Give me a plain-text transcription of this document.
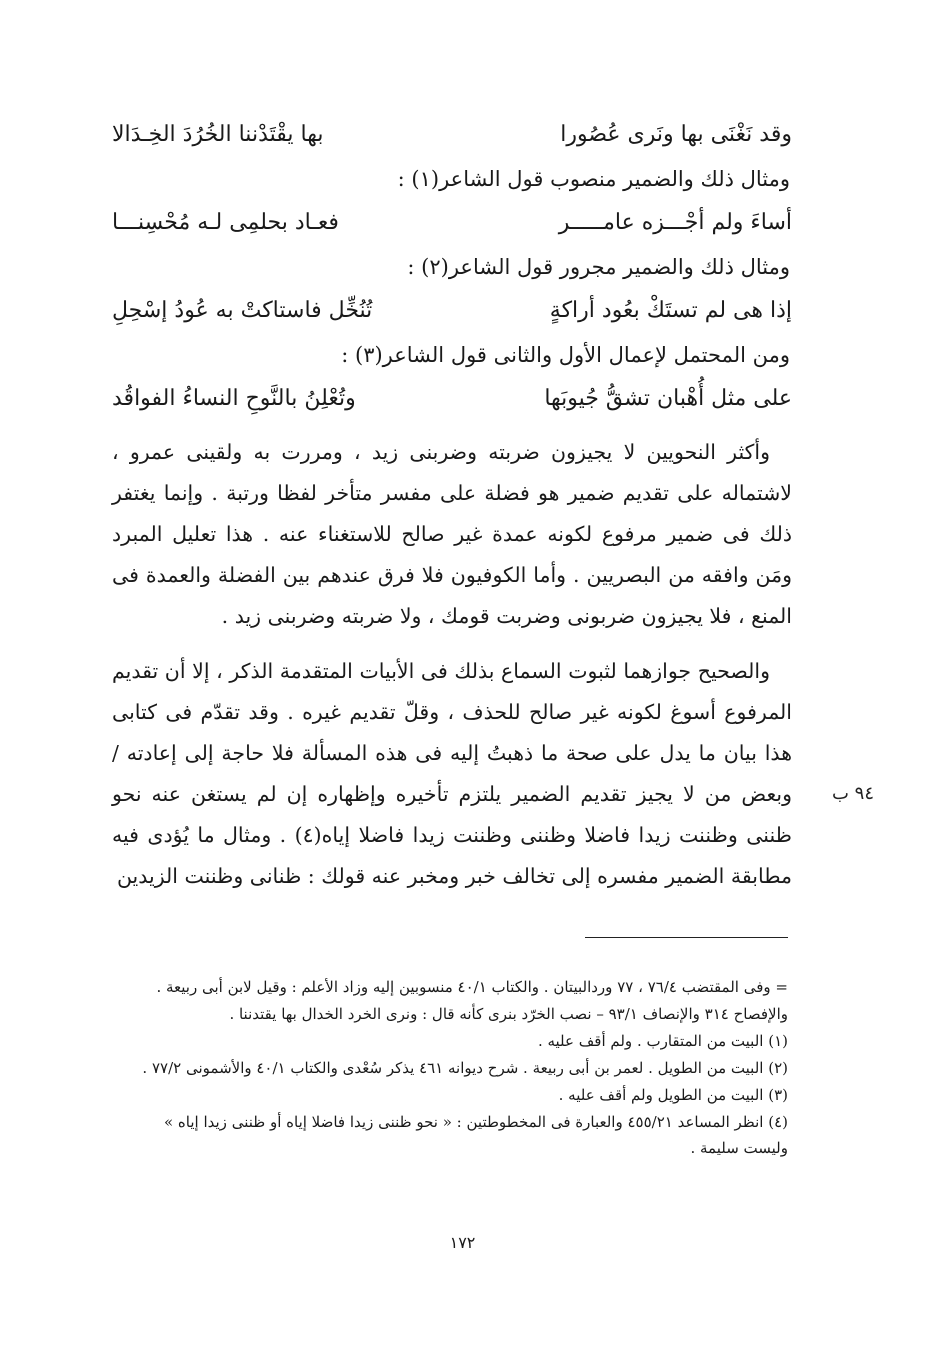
وقد نَغْنَى بها ونَرى عُصُورا
بها يقْتَدْننا الخُرُدَ الخِـدَالا
ومثال ذلك والضمير منصوب قول الشاعر(١) :
أساءَ ولم أجْـــزه عامـــــر
فعـاد بحلمِى لـه مُحْسِنـــا
ومثال ذلك والضمير مجرور قول الشاعر(٢) :
إذا هى لم تستَكْ بعُود أراكةٍ
تُنُخِّل فاستاكتْ به عُودُ إسْحِلِ
ومن المحتمل لإعمال الأول والثانى قول الشاعر(٣) :
على مثل أُهْبان تشقُّ جُيوبَها
وتُعْلِنُ بالنَّوحِ النساءُ الفواقُد

وأكثر النحويين لا يجيزون ضربته وضربنى زيد ، ومررت به ولقينى عمرو ، لاشتماله على تقديم ضمير هو فضلة على مفسر متأخر لفظا ورتبة . وإنما يغتفر ذلك فى ضمير مرفوع لكونه عمدة غير صالح للاستغناء عنه . هذا تعليل المبرد ومَن وافقه من البصريين . وأما الكوفيون فلا فرق عندهم بين الفضلة والعمدة فى المنع ، فلا يجيزون ضربونى وضربت قومك ، ولا ضربته وضربنى زيد .

والصحيح جوازهما لثبوت السماع بذلك فى الأبيات المتقدمة الذكر ، إلا أن تقديم المرفوع أسوغ لكونه غير صالح للحذف ، وقلّ تقديم غيره . وقد تقدّم فى كتابى هذا بيان ما يدل على صحة ما ذهبتُ إليه فى هذه المسألة فلا حاجة إلى إعادته / وبعض من لا يجيز تقديم الضمير يلتزم تأخيره وإظهاره إن لم يستغن عنه نحو ظننى وظننت زيدا فاضلا وظننى وظننت زيدا فاضلا إياه(٤) . ومثال ما يُؤدى فيه مطابقة الضمير مفسره إلى تخالف خبر ومخبر عنه قولك : ظنانى وظننت الزيدين

٩٤ ب
= وفى المقتضب ٧٦/٤ ، ٧٧ وردالبيتان . والكتاب ٤٠/١ منسوبين إليه وزاد الأعلم : وقيل لابن أبى ربيعة .
والإفصاح ٣١٤ والإنصاف ٩٣/١ – نصب الخرّد بنرى كأنه قال : ونرى الخرد الخدال بها يقتدننا .
(١) البيت من المتقارب . ولم أقف عليه .
(٢) البيت من الطويل . لعمر بن أبى ربيعة . شرح ديوانه ٤٦١ يذكر سُعْدى والكتاب ٤٠/١ والأشمونى ٧٧/٢ .
(٣) البيت من الطويل ولم أقف عليه .
(٤) انظر المساعد ٤٥٥/٢١ والعبارة فى المخطوطتين : « نحو ظننى زيدا فاضلا إياه أو ظننى زيدا إياه » وليست سليمة .
١٧٢
